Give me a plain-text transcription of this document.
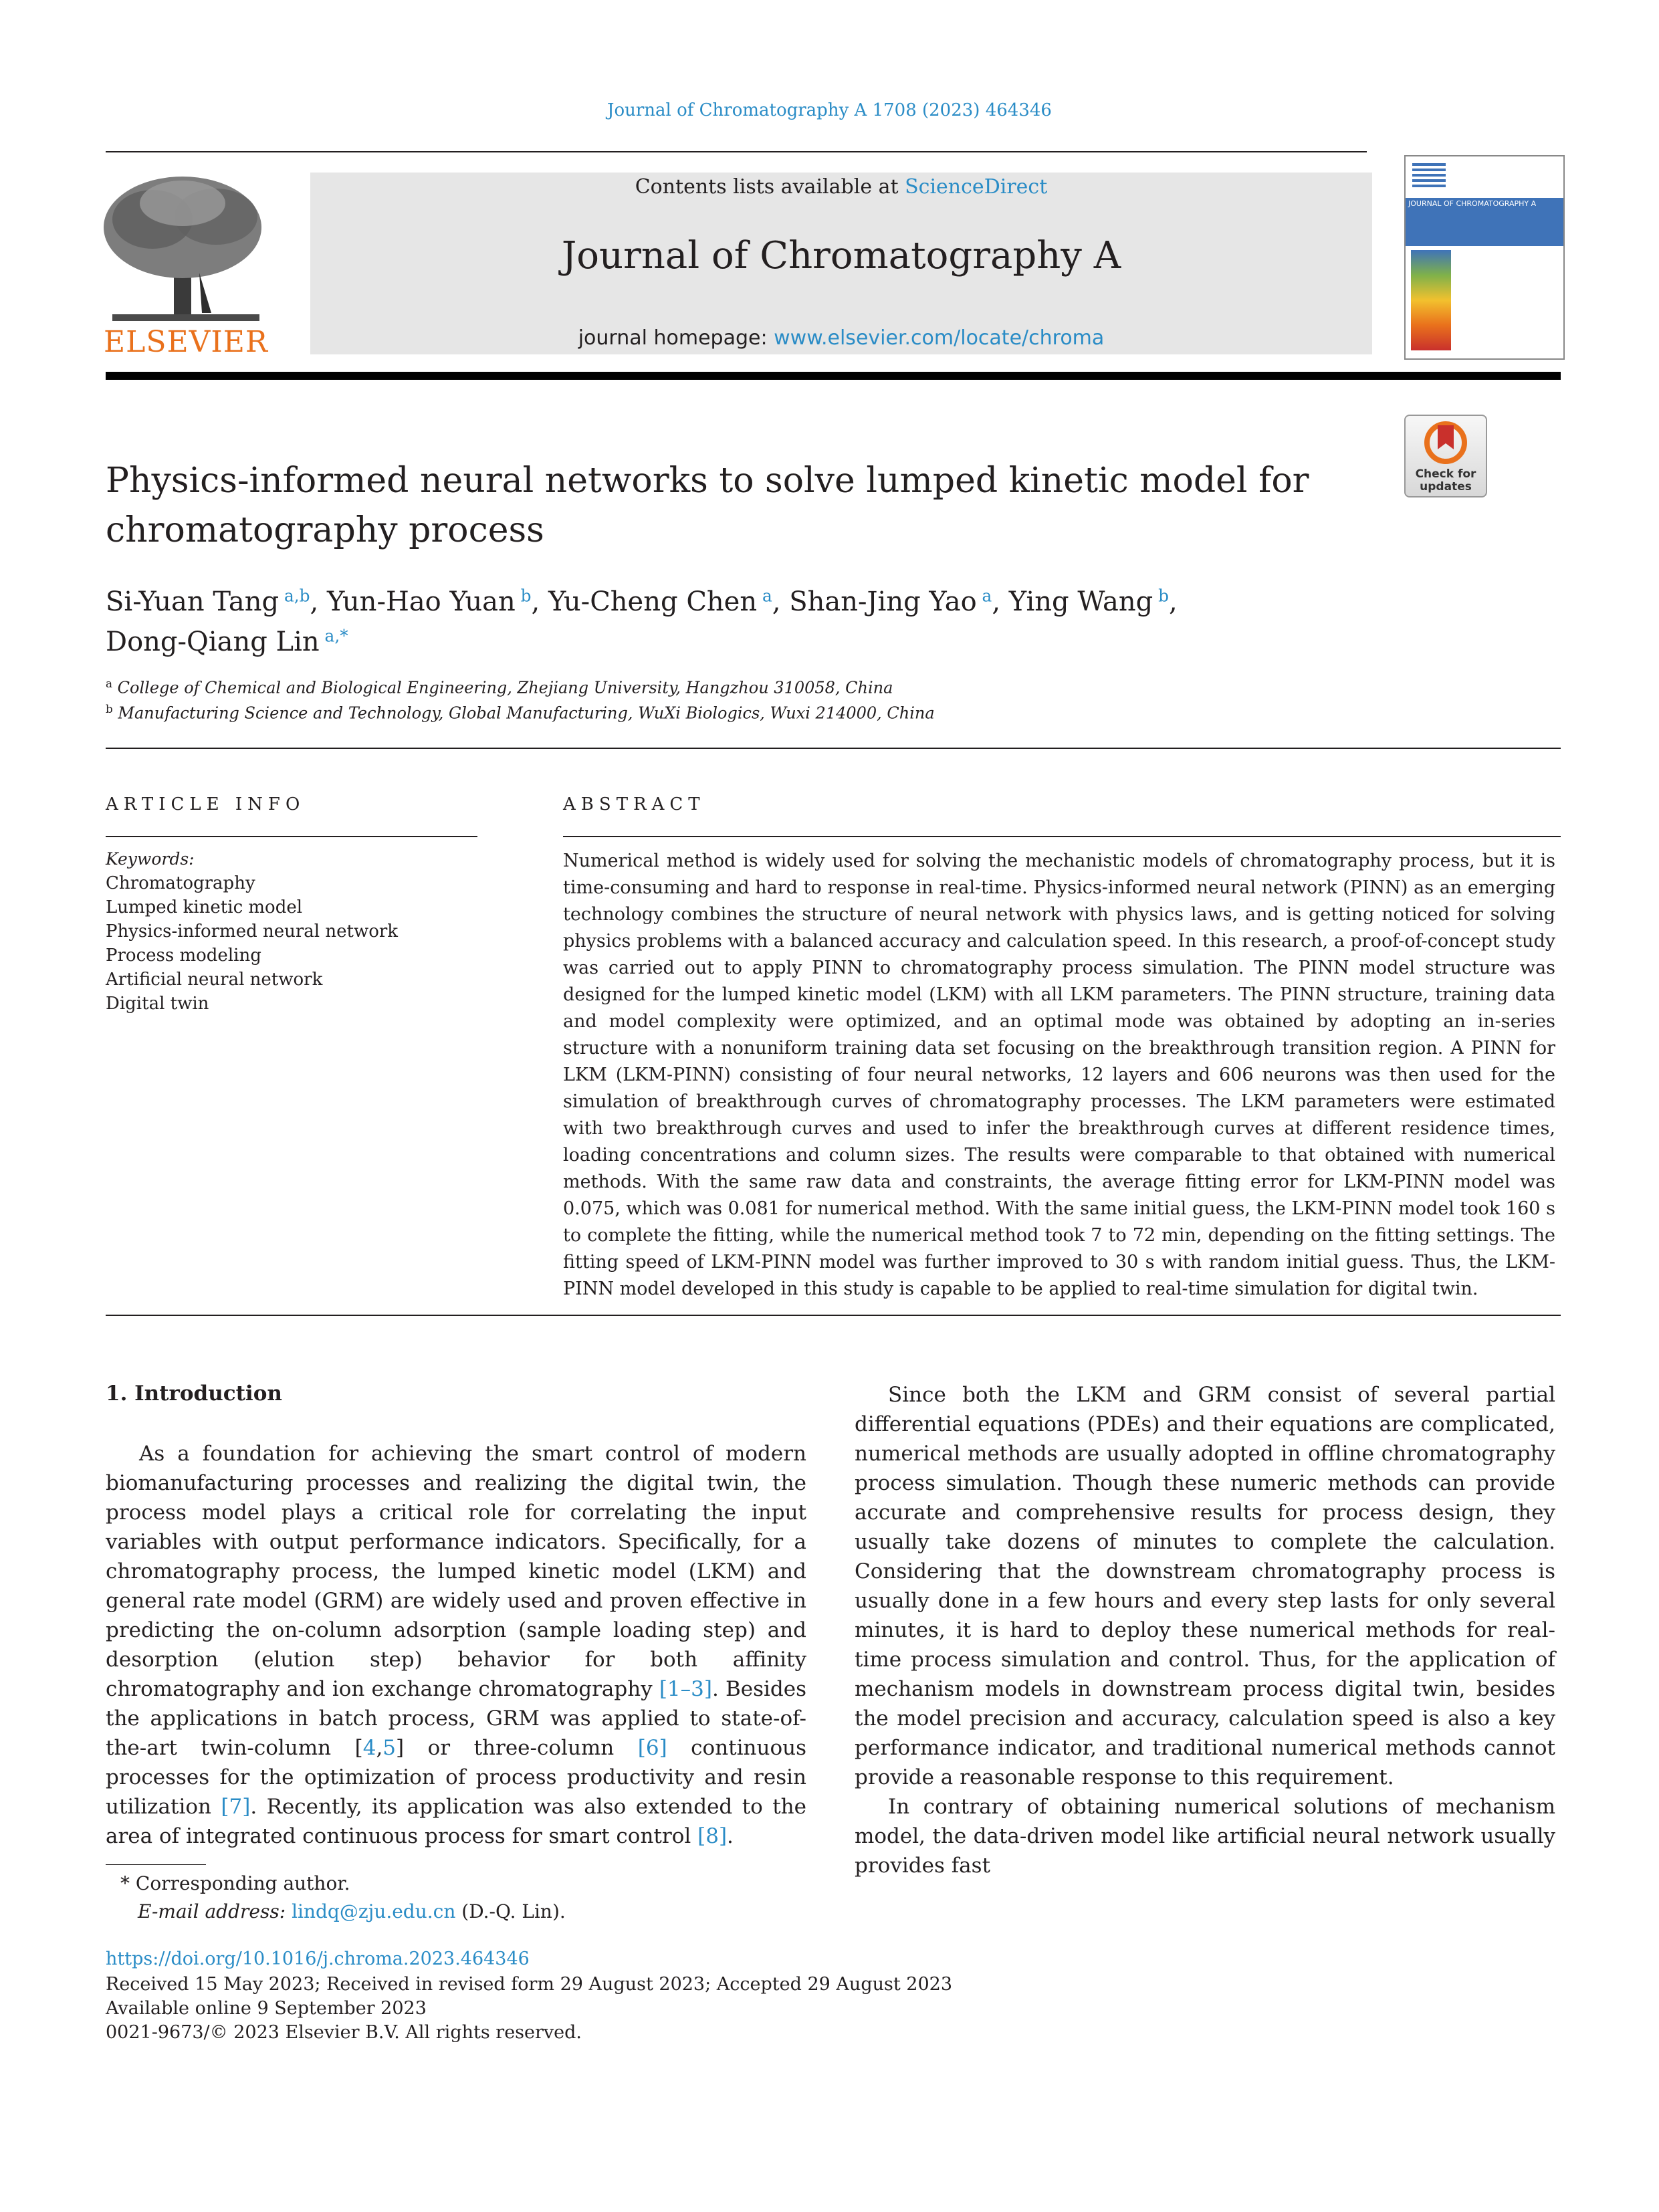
Journal of Chromatography A 1708 (2023) 464346
ELSEVIER
Contents lists available at ScienceDirect
Journal of Chromatography A
journal homepage: www.elsevier.com/locate/chroma
JOURNAL OF CHROMATOGRAPHY A
Check for updates
Physics-informed neural networks to solve lumped kinetic model for chromatography process
Si-Yuan Tang $^{a,b}$, Yun-Hao Yuan $^b$, Yu-Cheng Chen $^a$, Shan-Jing Yao $^a$, Ying Wang $^b$,
Dong-Qiang Lin $^{a,*}$
$^a$ College of Chemical and Biological Engineering, Zhejiang University, Hangzhou 310058, China
$^b$ Manufacturing Science and Technology, Global Manufacturing, WuXi Biologics, Wuxi 214000, China
ARTICLE INFO
Keywords:
Chromatography
Lumped kinetic model
Physics-informed neural network
Process modeling
Artificial neural network
Digital twin
ABSTRACT
Numerical method is widely used for solving the mechanistic models of chromatography process, but it is time-consuming and hard to response in real-time. Physics-informed neural network (PINN) as an emerging technology combines the structure of neural network with physics laws, and is getting noticed for solving physics problems with a balanced accuracy and calculation speed. In this research, a proof-of-concept study was carried out to apply PINN to chromatography process simulation. The PINN model structure was designed for the lumped kinetic model (LKM) with all LKM parameters. The PINN structure, training data and model complexity were optimized, and an optimal mode was obtained by adopting an in-series structure with a nonuniform training data set focusing on the breakthrough transition region. A PINN for LKM (LKM-PINN) consisting of four neural networks, 12 layers and 606 neurons was then used for the simulation of breakthrough curves of chromatography processes. The LKM parameters were estimated with two breakthrough curves and used to infer the breakthrough curves at different residence times, loading concentrations and column sizes. The results were comparable to that obtained with numerical methods. With the same raw data and constraints, the average fitting error for LKM-PINN model was 0.075, which was 0.081 for numerical method. With the same initial guess, the LKM-PINN model took 160 s to complete the fitting, while the numerical method took 7 to 72 min, depending on the fitting settings. The fitting speed of LKM-PINN model was further improved to 30 s with random initial guess. Thus, the LKM-PINN model developed in this study is capable to be applied to real-time simulation for digital twin.
1. Introduction

As a foundation for achieving the smart control of modern biomanufacturing processes and realizing the digital twin, the process model plays a critical role for correlating the input variables with output performance indicators. Specifically, for a chromatography process, the lumped kinetic model (LKM) and general rate model (GRM) are widely used and proven effective in predicting the on-column adsorption (sample loading step) and desorption (elution step) behavior for both affinity chromatography and ion exchange chromatography [1–3]. Besides the applications in batch process, GRM was applied to state-of-the-art twin-column [4,5] or three-column [6] continuous processes for the optimization of process productivity and resin utilization [7]. Recently, its application was also extended to the area of integrated continuous process for smart control [8].

Since both the LKM and GRM consist of several partial differential equations (PDEs) and their equations are complicated, numerical methods are usually adopted in offline chromatography process simulation. Though these numeric methods can provide accurate and comprehensive results for process design, they usually take dozens of minutes to complete the calculation. Considering that the downstream chromatography process is usually done in a few hours and every step lasts for only several minutes, it is hard to deploy these numerical methods for real-time process simulation and control. Thus, for the application of mechanism models in downstream process digital twin, besides the model precision and accuracy, calculation speed is also a key performance indicator, and traditional numerical methods cannot provide a reasonable response to this requirement.

In contrary of obtaining numerical solutions of mechanism model, the data-driven model like artificial neural network usually provides fast

* Corresponding author.
E-mail address: lindq@zju.edu.cn (D.-Q. Lin).
https://doi.org/10.1016/j.chroma.2023.464346
Received 15 May 2023; Received in revised form 29 August 2023; Accepted 29 August 2023
Available online 9 September 2023
0021-9673/© 2023 Elsevier B.V. All rights reserved.
